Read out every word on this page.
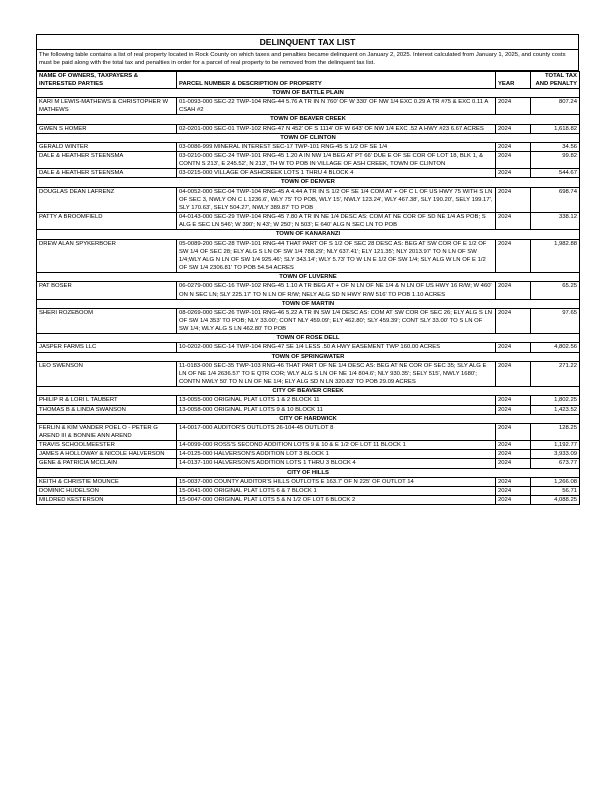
DELINQUENT TAX LIST
The following table contains a list of real property located in Rock County on which taxes and penalties became delinquent on January 2, 2025. Interest calculated from January 1, 2025, and county costs must be paid along with the total tax and penalties in order for a parcel of real property to be removed from the delinquent tax list.
NAME OF OWNERS, TAXPAYERS & INTERESTED PARTIES	PARCEL NUMBER & DESCRIPTION OF PROPERTY	YEAR	TOTAL TAX AND PENALTY
TOWN OF BATTLE PLAIN			
KARI M LEWIS-MATHEWS & CHRISTOPHER W MATHEWS	01-0093-000 SEC-22 TWP-104 RNG-44 5.76 A TR IN N 760' OF W 330' OF NW 1/4 EXC 0.29 A TR #75 & EXC 0.11 A CSAH #2	2024	807.24
TOWN OF BEAVER CREEK			
GWEN S HOMER	02-0201-000 SEC-01 TWP-102 RNG-47 N 452' OF S 1114' OF W 643' OF NW 1/4 EXC .52 A HWY #23 6.67 ACRES	2024	1,618.82
TOWN OF CLINTON			
GERALD WINTER	03-0086-999 MINERAL INTEREST SEC-17 TWP-101 RNG-45 S 1/2 OF SE 1/4	2024	34.56
DALE & HEATHER STEENSMA	03-0210-000 SEC-24 TWP-101 RNG-45 1.20 A IN NW 1/4 BEG AT PT 66' DUE E OF SE COR OF LOT 18, BLK 1, & CONTN S 213', E 245.52', N 213', TH W TO POB IN VILLAGE OF ASH CREEK, TOWN OF CLINTON	2024	99.82
DALE & HEATHER STEENSMA	03-0215-000 VILLAGE OF ASHCREEK LOTS 1 THRU 4 BLOCK 4	2024	544.67
TOWN OF DENVER			
DOUGLAS DEAN LAFRENZ	04-0052-000 SEC-04 TWP-104 RNG-45 A 4.44 A TR IN S 1/2 OF SE 1/4 COM AT + OF C L OF US HWY 75 WITH S LN OF SEC 3, NWLY ON C L 1236.6', WLY 75' TO POB, WLY 15', NWLY 123.24', WLY 467.38', SLY 190.20', SELY 199.17', SLY 170.63', SELY 504.27', NWLY 389.87' TO POB	2024	698.74
PATTY A BROOMFIELD	04-0143-000 SEC-29 TWP-104 RNG-45 7.80 A TR IN NE 1/4 DESC AS: COM AT NE COR OF SD NE 1/4 AS POB; S ALG E SEC LN 546'; W 390'; N 43'; W 250'; N 503'; E 640' ALG N SEC LN TO POB	2024	338.12
TOWN OF KANARANZI			
DREW ALAN SPYKERBOER	05-0089-200 SEC-28 TWP-101 RNG-44 THAT PART OF S 1/2 OF SEC 28 DESC AS: BEG AT SW COR OF E 1/2 OF SW 1/4 OF SEC 28; ELY ALG S LN OF SW 1/4 788.29'; NLY 637.41'; ELY 121.35'; NLY 2013.97' TO N LN OF SW 1/4;WLY ALG N LN OF SW 1/4 925.46'; SLY 343.14'; WLY 5.73' TO W LN E 1/2 OF SW 1/4; SLY ALG W LN OF E 1/2 OF SW 1/4 2306.81' TO POB 54.54 ACRES	2024	1,982.88
TOWN OF LUVERNE			
PAT BOSER	06-0279-000 SEC-16 TWP-102 RNG-45 1.10 A TR BEG AT + OF N LN OF NE 1/4 & N LN OF US HWY 16 R/W; W 460' ON N SEC LN; SLY 225.17' TO N LN OF R/W; NELY ALG SD N HWY R/W 516' TO POB 1.10 ACRES	2024	65.25
TOWN OF MARTIN			
SHERI ROZEBOOM	08-0269-000 SEC-26 TWP-101 RNG-46 5.22 A TR IN SW 1/4 DESC AS: COM AT SW COR OF SEC 26; ELY ALG S LN OF SW 1/4 353' TO POB; NLY 33.00'; CONT NLY 459.09'; ELY 462.80'; SLY 459.39'; CONT SLY 33.00' TO S LN OF SW 1/4; WLY ALG S LN 462.80' TO POB	2024	97.65
TOWN OF ROSE DELL			
JASPER FARMS LLC	10-0202-000 SEC-14 TWP-104 RNG-47 SE 1/4 LESS .50 A HWY EASEMENT TWP 160.00 ACRES	2024	4,802.56
TOWN OF SPRINGWATER			
LEO SWENSON	11-0183-000 SEC-35 TWP-103 RNG-46 THAT PART OF NE 1/4 DESC AS: BEG AT NE COR OF SEC 35; SLY ALG E LN OF NE 1/4 2636.57' TO E QTR COR; WLY ALG S LN OF NE 1/4 804.6'; NLY 930.35'; SELY 515', NWLY 1680'; CONTN NWLY 50' TO N LN OF NE 1/4; ELY ALG SD N LN 320.83' TO POB 29.09 ACRES	2024	271.22
CITY OF BEAVER CREEK			
PHILIP R & LORI L TAUBERT	13-0055-000 ORIGINAL PLAT LOTS 1 & 2 BLOCK 11	2024	1,802.25
THOMAS B & LINDA SWANSON	13-0058-000 ORIGINAL PLAT LOTS 9 & 10 BLOCK 11	2024	1,423.52
CITY OF HARDWICK			
FERLIN & KIM VANDER POEL O - PETER G AREND III & BONNIE ANN AREND	14-0017-000 AUDITOR'S OUTLOTS 26-104-45 OUTLOT 8	2024	128.25
TRAVIS SCHOOLMEESTER	14-0099-000 ROSS'S SECOND ADDITION LOTS 9 & 10 & E 1/2 OF LOT 11 BLOCK 1	2024	1,192.77
JAMES A HOLLOWAY & NICOLE HALVERSON	14-0125-000 HALVERSON'S ADDITION LOT 3 BLOCK 1	2024	3,933.09
GENE & PATRICIA MCCLAIN	14-0137-100 HALVERSON'S ADDITION LOTS 1 THRU 3 BLOCK 4	2024	673.77
CITY OF HILLS			
KEITH & CHRISTIE MOUNCE	15-0037-000 COUNTY AUDITOR'S HILLS OUTLOTS E 163.7' OF N 225' OF OUTLOT 14	2024	1,266.08
DOMINIC HUDELSON	15-0041-000 ORIGINAL PLAT LOTS 6 & 7 BLOCK 1	2024	56.71
MILDRED KESTERSON	15-0047-000 ORIGINAL PLAT LOTS 5 & N 1/2 OF LOT 6 BLOCK 2	2024	4,088.25
